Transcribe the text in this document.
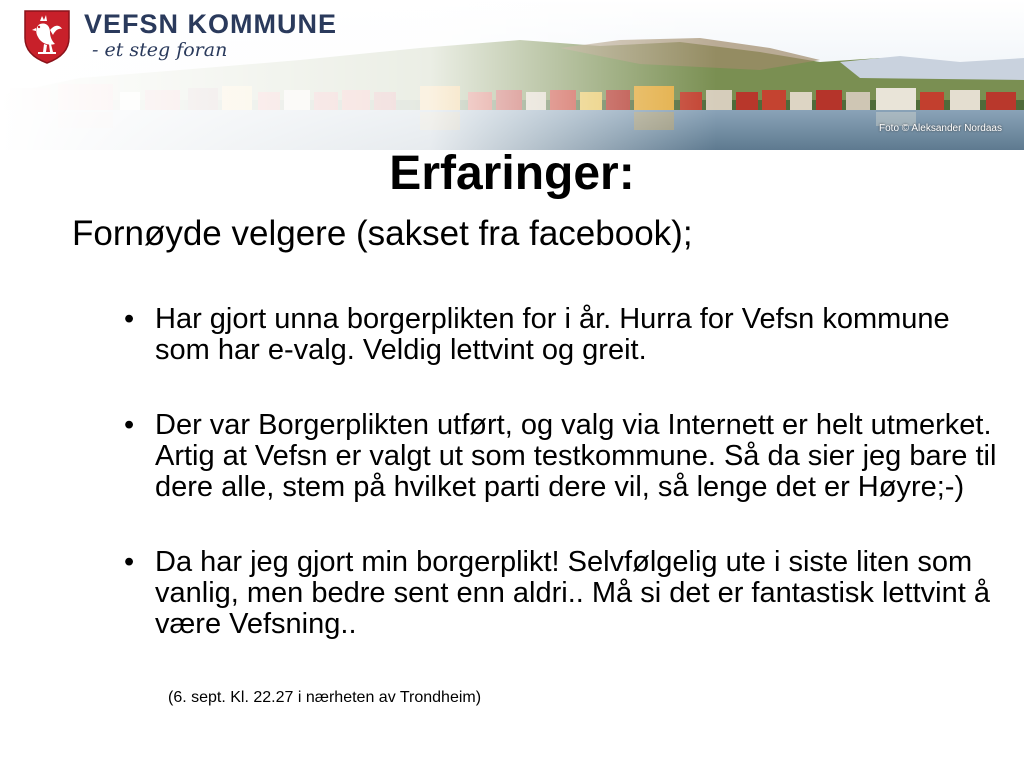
VEFSN KOMMUNE
- et steg foran
Foto © Aleksander Nordaas
Erfaringer:
Fornøyde velgere (sakset fra facebook);
• Har gjort unna borgerplikten for i år. Hurra for Vefsn kommune som har e-valg. Veldig lettvint og greit.
• Der var Borgerplikten utført, og valg via Internett er helt utmerket. Artig at Vefsn er valgt ut som testkommune. Så da sier jeg bare til dere alle, stem på hvilket parti dere vil, så lenge det er Høyre;-)
• Da har jeg gjort min borgerplikt! Selvfølgelig ute i siste liten som vanlig, men bedre sent enn aldri.. Må si det er fantastisk lettvint å være Vefsning..
(6. sept. Kl. 22.27 i nærheten av Trondheim)
